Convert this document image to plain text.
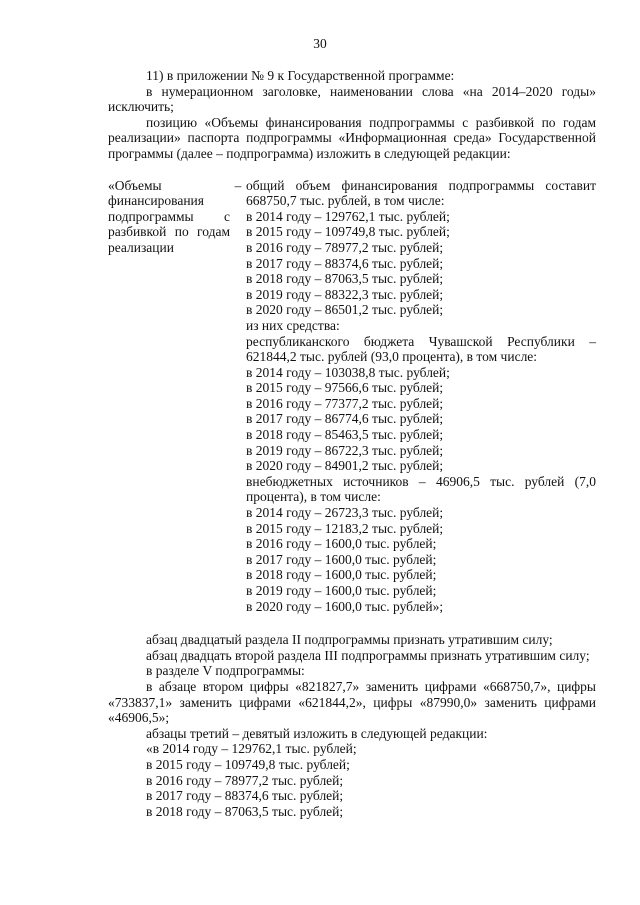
30

11) в приложении № 9 к Государственной программе:

в нумерационном заголовке, наименовании слова «на 2014–2020 годы» исключить;

позицию «Объемы финансирования подпрограммы с разбивкой по годам реализации» паспорта подпрограммы «Информационная среда» Государственной программы (далее – подпрограмма) изложить в следующей редакции:

«Объемы финансирования подпрограммы с разбивкой по годам реализации
– общий объем финансирования подпрограммы составит 668750,7 тыс. рублей, в том числе:
в 2014 году – 129762,1 тыс. рублей;
в 2015 году – 109749,8 тыс. рублей;
в 2016 году – 78977,2 тыс. рублей;
в 2017 году – 88374,6 тыс. рублей;
в 2018 году – 87063,5 тыс. рублей;
в 2019 году – 88322,3 тыс. рублей;
в 2020 году – 86501,2 тыс. рублей;
из них средства:
республиканского бюджета Чувашской Республики – 621844,2 тыс. рублей (93,0 процента), в том числе:
в 2014 году – 103038,8 тыс. рублей;
в 2015 году – 97566,6 тыс. рублей;
в 2016 году – 77377,2 тыс. рублей;
в 2017 году – 86774,6 тыс. рублей;
в 2018 году – 85463,5 тыс. рублей;
в 2019 году – 86722,3 тыс. рублей;
в 2020 году – 84901,2 тыс. рублей;
внебюджетных источников – 46906,5 тыс. рублей (7,0 процента), в том числе:
в 2014 году – 26723,3 тыс. рублей;
в 2015 году – 12183,2 тыс. рублей;
в 2016 году – 1600,0 тыс. рублей;
в 2017 году – 1600,0 тыс. рублей;
в 2018 году – 1600,0 тыс. рублей;
в 2019 году – 1600,0 тыс. рублей;
в 2020 году – 1600,0 тыс. рублей»;

абзац двадцатый раздела II подпрограммы признать утратившим силу;

абзац двадцать второй раздела III подпрограммы признать утратившим силу;

в разделе V подпрограммы:

в абзаце втором цифры «821827,7» заменить цифрами «668750,7», цифры «733837,1» заменить цифрами «621844,2», цифры «87990,0» заменить цифрами «46906,5»;

абзацы третий – девятый изложить в следующей редакции:

«в 2014 году – 129762,1 тыс. рублей;

в 2015 году – 109749,8 тыс. рублей;

в 2016 году – 78977,2 тыс. рублей;

в 2017 году – 88374,6 тыс. рублей;

в 2018 году – 87063,5 тыс. рублей;
